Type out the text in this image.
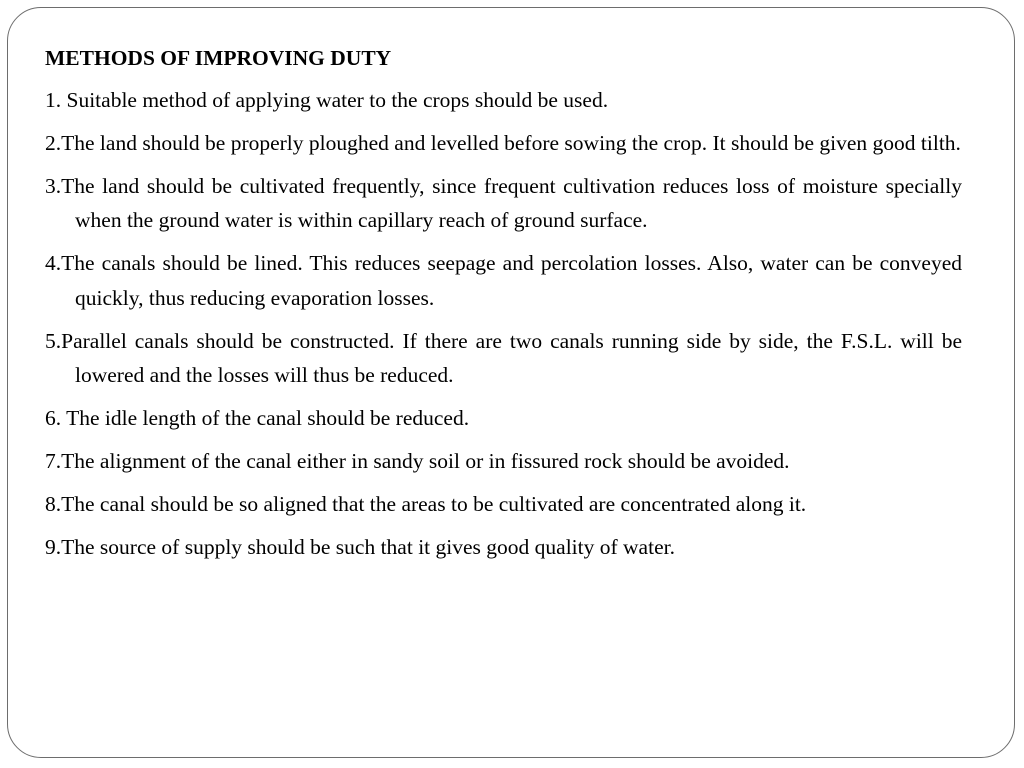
METHODS OF IMPROVING DUTY
1. Suitable method of applying water to the crops should be used.
2.The land should be properly ploughed and levelled before sowing the crop. It should be given good tilth.
3.The land should be cultivated frequently, since frequent cultivation reduces loss of moisture specially when the ground water is within capillary reach of ground surface.
4.The canals should be lined. This reduces seepage and percolation losses. Also, water can be conveyed quickly, thus reducing evaporation losses.
5.Parallel canals should be constructed. If there are two canals running side by side, the F.S.L. will be lowered and the losses will thus be reduced.
6. The idle length of the canal should be reduced.
7.The alignment of the canal either in sandy soil or in fissured rock should be avoided.
8.The canal should be so aligned that the areas to be cultivated are concentrated along it.
9.The source of supply should be such that it gives good quality of water.
